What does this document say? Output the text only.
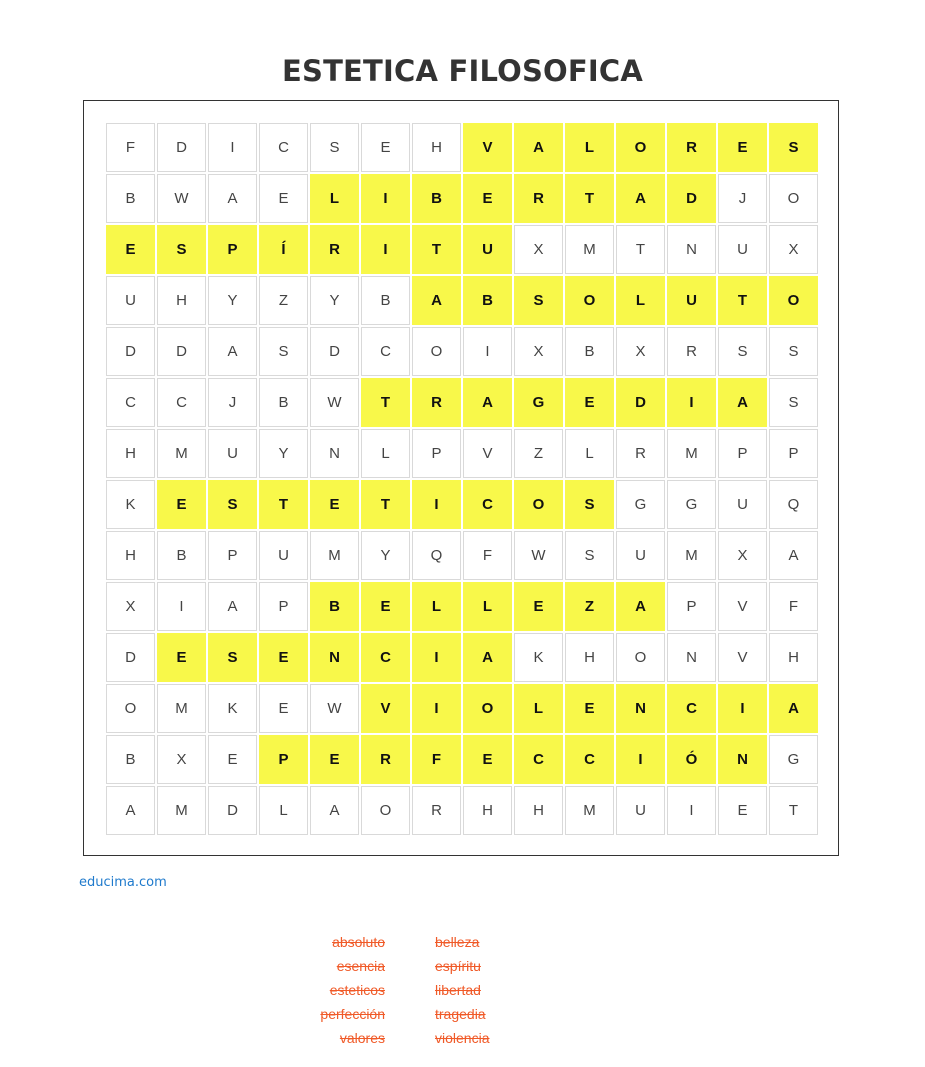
ESTETICA FILOSOFICA
F	D	I	C	S	E	H	V	A	L	O	R	E	S
B	W	A	E	L	I	B	E	R	T	A	D	J	O
E	S	P	Í	R	I	T	U	X	M	T	N	U	X
U	H	Y	Z	Y	B	A	B	S	O	L	U	T	O
D	D	A	S	D	C	O	I	X	B	X	R	S	S
C	C	J	B	W	T	R	A	G	E	D	I	A	S
H	M	U	Y	N	L	P	V	Z	L	R	M	P	P
K	E	S	T	E	T	I	C	O	S	G	G	U	Q
H	B	P	U	M	Y	Q	F	W	S	U	M	X	A
X	I	A	P	B	E	L	L	E	Z	A	P	V	F
D	E	S	E	N	C	I	A	K	H	O	N	V	H
O	M	K	E	W	V	I	O	L	E	N	C	I	A
B	X	E	P	E	R	F	E	C	C	I	Ó	N	G
A	M	D	L	A	O	R	H	H	M	U	I	E	T
educima.com
absoluto
esencia
esteticos
perfección
valores
belleza
espíritu
libertad
tragedia
violencia
